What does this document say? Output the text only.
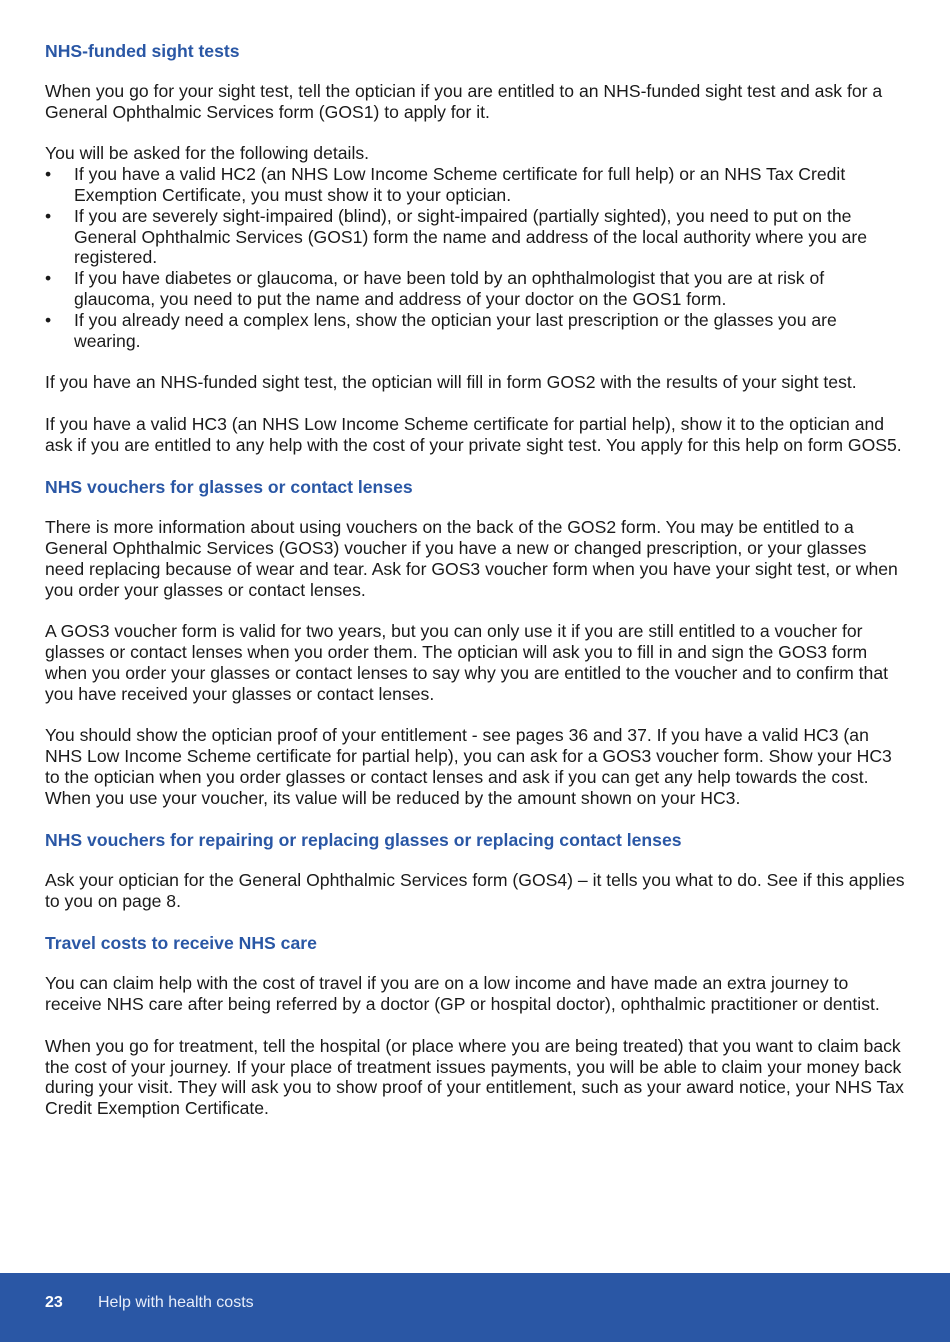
NHS-funded sight tests

When you go for your sight test, tell the optician if you are entitled to an NHS-funded sight test and ask for a General Ophthalmic Services form (GOS1) to apply for it.

You will be asked for the following details.

• If you have a valid HC2 (an NHS Low Income Scheme certificate for full help) or an NHS Tax Credit Exemption Certificate, you must show it to your optician.
• If you are severely sight-impaired (blind), or sight-impaired (partially sighted), you need to put on the General Ophthalmic Services (GOS1) form the name and address of the local authority where you are registered.
• If you have diabetes or glaucoma, or have been told by an ophthalmologist that you are at risk of glaucoma, you need to put the name and address of your doctor on the GOS1 form.
• If you already need a complex lens, show the optician your last prescription or the glasses you are wearing.

If you have an NHS-funded sight test, the optician will fill in form GOS2 with the results of your sight test.

If you have a valid HC3 (an NHS Low Income Scheme certificate for partial help), show it to the optician and ask if you are entitled to any help with the cost of your private sight test. You apply for this help on form GOS5.

NHS vouchers for glasses or contact lenses

There is more information about using vouchers on the back of the GOS2 form. You may be entitled to a General Ophthalmic Services (GOS3) voucher if you have a new or changed prescription, or your glasses need replacing because of wear and tear. Ask for GOS3 voucher form when you have your sight test, or when you order your glasses or contact lenses.

A GOS3 voucher form is valid for two years, but you can only use it if you are still entitled to a voucher for glasses or contact lenses when you order them. The optician will ask you to fill in and sign the GOS3 form when you order your glasses or contact lenses to say why you are entitled to the voucher and to confirm that you have received your glasses or contact lenses.

You should show the optician proof of your entitlement - see pages 36 and 37. If you have a valid HC3 (an NHS Low Income Scheme certificate for partial help), you can ask for a GOS3 voucher form. Show your HC3 to the optician when you order glasses or contact lenses and ask if you can get any help towards the cost. When you use your voucher, its value will be reduced by the amount shown on your HC3.

NHS vouchers for repairing or replacing glasses or replacing contact lenses

Ask your optician for the General Ophthalmic Services form (GOS4) – it tells you what to do. See if this applies to you on page 8.

Travel costs to receive NHS care

You can claim help with the cost of travel if you are on a low income and have made an extra journey to receive NHS care after being referred by a doctor (GP or hospital doctor), ophthalmic practitioner or dentist.

When you go for treatment, tell the hospital (or place where you are being treated) that you want to claim back the cost of your journey. If your place of treatment issues payments, you will be able to claim your money back during your visit. They will ask you to show proof of your entitlement, such as your award notice, your NHS Tax Credit Exemption Certificate.

23 Help with health costs
